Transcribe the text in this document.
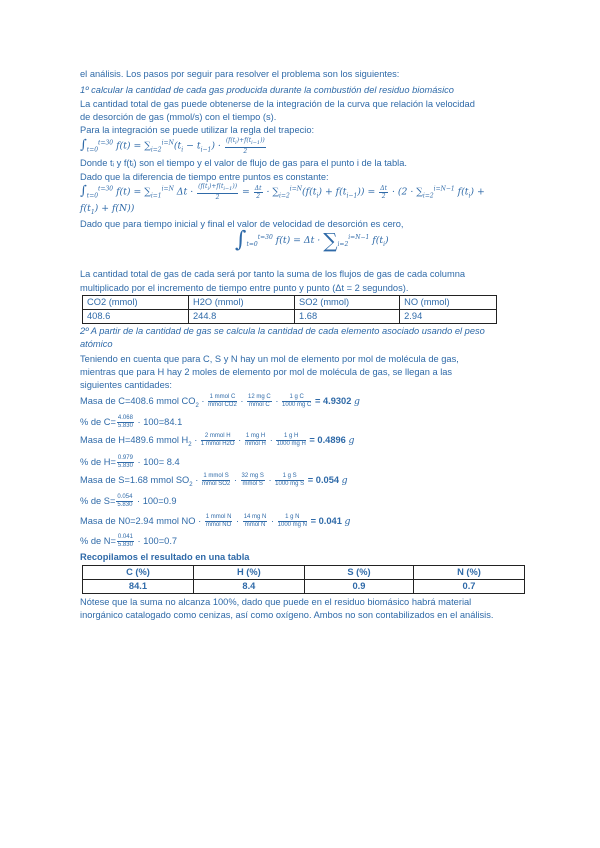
el análisis. Los pasos por seguir para resolver el problema son los siguientes:
1º calcular la cantidad de cada gas producida durante la combustión del residuo biomásico
La cantidad total de gas puede obtenerse de la integración de la curva que relación la velocidad
de desorción de gas (mmol/s) con el tiempo (s).
Para la integración se puede utilizar la regla del trapecio:
$\int_{t=0}^{t=30}$ $f(t) = \sum_{i=2}^{i=N}(t_i - t_{i-1}) \cdot \frac{(f(t_i)+f(t_{i-1}))}{2}$
Donde tᵢ y f(tᵢ) son el tiempo y el valor de flujo de gas para el punto i de la tabla.
Dado que la diferencia de tiempo entre puntos es constante:
$\int_{t=0}^{t=30}$ $f(t) = \sum_{i=1}^{i=N}$ $\Delta t \cdot \frac{(f(t_i)+f(t_{i-1}))}{2} = \frac{\Delta t}{2} \cdot \sum_{i=2}^{i=N}(f(t_i) + f(t_{i-1})) = \frac{\Delta t}{2} \cdot (2 \cdot \sum_{i=2}^{i=N-1}$ $f(t_i)$ +
$f(t_1) + f(N)$)
Dado que para tiempo inicial y final el valor de velocidad de desorción es cero,
$\int_{t=0}^{t=30}$ $f(t) = \Delta t \cdot \sum_{i=2}^{i=N-1}$ $f(t_i)$
La cantidad total de gas de cada será por tanto la suma de los flujos de gas de cada columna
multiplicado por el incremento de tiempo entre punto y punto (Δt = 2 segundos).
CO2 (mmol)	H2O (mmol)	SO2 (mmol)	NO (mmol)
408.6	244.8	1.68	2.94
2º A partir de la cantidad de gas se calcula la cantidad de cada elemento asociado usando el peso
atómico
Teniendo en cuenta que para C, S y N hay un mol de elemento por mol de molécula de gas,
mientras que para H hay 2 moles de elemento por mol de molécula de gas, se llegan a las
siguientes cantidades:
Masa de C=408.6 mmol $CO_2 \cdot \frac{\text{1 mmol C}}{\text{mmol CO2}} \cdot \frac{\text{12 mg C}}{\text{mmol C}} \cdot \frac{\text{1 g C}}{\text{1000 mg C}} = 4.9302$ g
% de $C= \frac{4.068}{5.830} \cdot 100=84.1$
Masa de H=489.6 mmol $H_2 \cdot \frac{\text{2 mmol H}}{\text{1 mmol H2O}} \cdot \frac{\text{1 mg H}}{\text{mmol H}} \cdot \frac{\text{1 g H}}{\text{1000 mg H}} = 0.4896$ g
% de $H= \frac{0.979}{5.830} \cdot 100= 8.4$
Masa de S=1.68 mmol $SO_2 \cdot \frac{\text{1 mmol S}}{\text{mmol SO2}} \cdot \frac{\text{32 mg S}}{\text{mmol S}} \cdot \frac{\text{1 g S}}{\text{1000 mg S}} = 0.054$ g
% de $S= \frac{0.054}{5.830} \cdot 100=0.9$
Masa de N0=2.94 mmol NO · $\frac{\text{1 mmol N}}{\text{mmol NO}} \cdot \frac{\text{14 mg N}}{\text{mmol N}} \cdot \frac{\text{1 g N}}{\text{1000 mg N}} = 0.041$ g
% de $N= \frac{0.041}{5.830} \cdot 100=0.7$
Recopilamos el resultado en una tabla
C (%)	H (%)	S (%)	N (%)
84.1	8.4	0.9	0.7
Nótese que la suma no alcanza 100%, dado que puede en el residuo biomásico habrá material
inorgánico catalogado como cenizas, así como oxígeno. Ambos no son contabilizados en el análisis.
